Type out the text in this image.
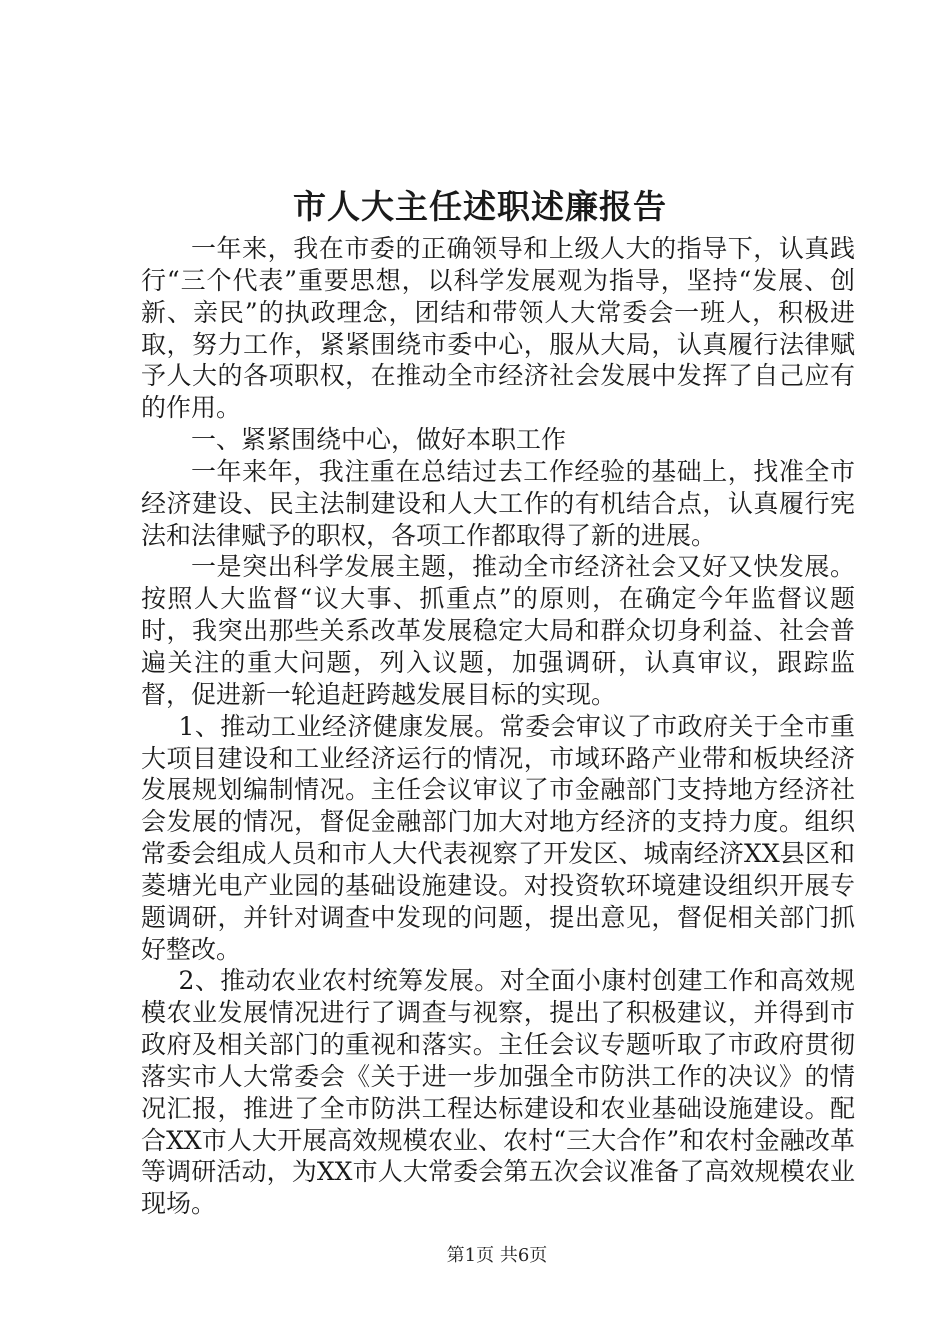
市人大主任述职述廉报告

一年来，我在市委的正确领导和上级人大的指导下，认真践行“三个代表”重要思想，以科学发展观为指导，坚持“发展、创新、亲民”的执政理念，团结和带领人大常委会一班人，积极进取，努力工作，紧紧围绕市委中心，服从大局，认真履行法律赋予人大的各项职权，在推动全市经济社会发展中发挥了自己应有的作用。

一、紧紧围绕中心，做好本职工作

一年来年，我注重在总结过去工作经验的基础上，找准全市经济建设、民主法制建设和人大工作的有机结合点，认真履行宪法和法律赋予的职权，各项工作都取得了新的进展。

一是突出科学发展主题，推动全市经济社会又好又快发展。按照人大监督“议大事、抓重点”的原则，在确定今年监督议题时，我突出那些关系改革发展稳定大局和群众切身利益、社会普遍关注的重大问题，列入议题，加强调研，认真审议，跟踪监督，促进新一轮追赶跨越发展目标的实现。

1、推动工业经济健康发展。常委会审议了市政府关于全市重大项目建设和工业经济运行的情况，市域环路产业带和板块经济发展规划编制情况。主任会议审议了市金融部门支持地方经济社会发展的情况，督促金融部门加大对地方经济的支持力度。组织常委会组成人员和市人大代表视察了开发区、城南经济XX县区和菱塘光电产业园的基础设施建设。对投资软环境建设组织开展专题调研，并针对调查中发现的问题，提出意见，督促相关部门抓好整改。

2、推动农业农村统筹发展。对全面小康村创建工作和高效规模农业发展情况进行了调查与视察，提出了积极建议，并得到市政府及相关部门的重视和落实。主任会议专题听取了市政府贯彻落实市人大常委会《关于进一步加强全市防洪工作的决议》的情况汇报，推进了全市防洪工程达标建设和农业基础设施建设。配合XX市人大开展高效规模农业、农村“三大合作”和农村金融改革等调研活动，为XX市人大常委会第五次会议准备了高效规模农业现场。

第1页 共6页
